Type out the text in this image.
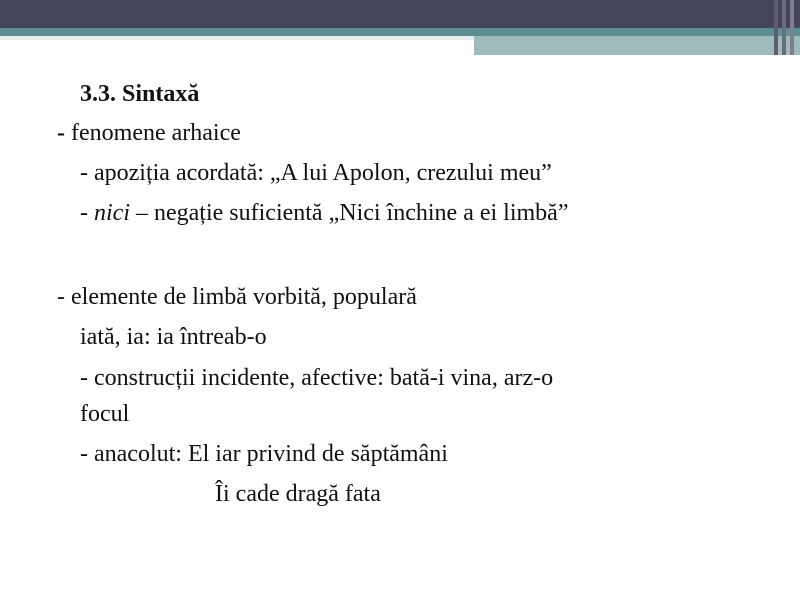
3.3. Sintaxă
- fenomene arhaice
- apoziția acordată: „A lui Apolon, crezului meu”
- nici – negație suficientă „Nici închine a ei limbă”
- elemente de limbă vorbită, populară
iată, ia: ia întreab-o
- construcții incidente, afective: bată-i vina, arz-o
focul
- anacolut: El iar privind de săptămâni
Îi cade dragă fata
